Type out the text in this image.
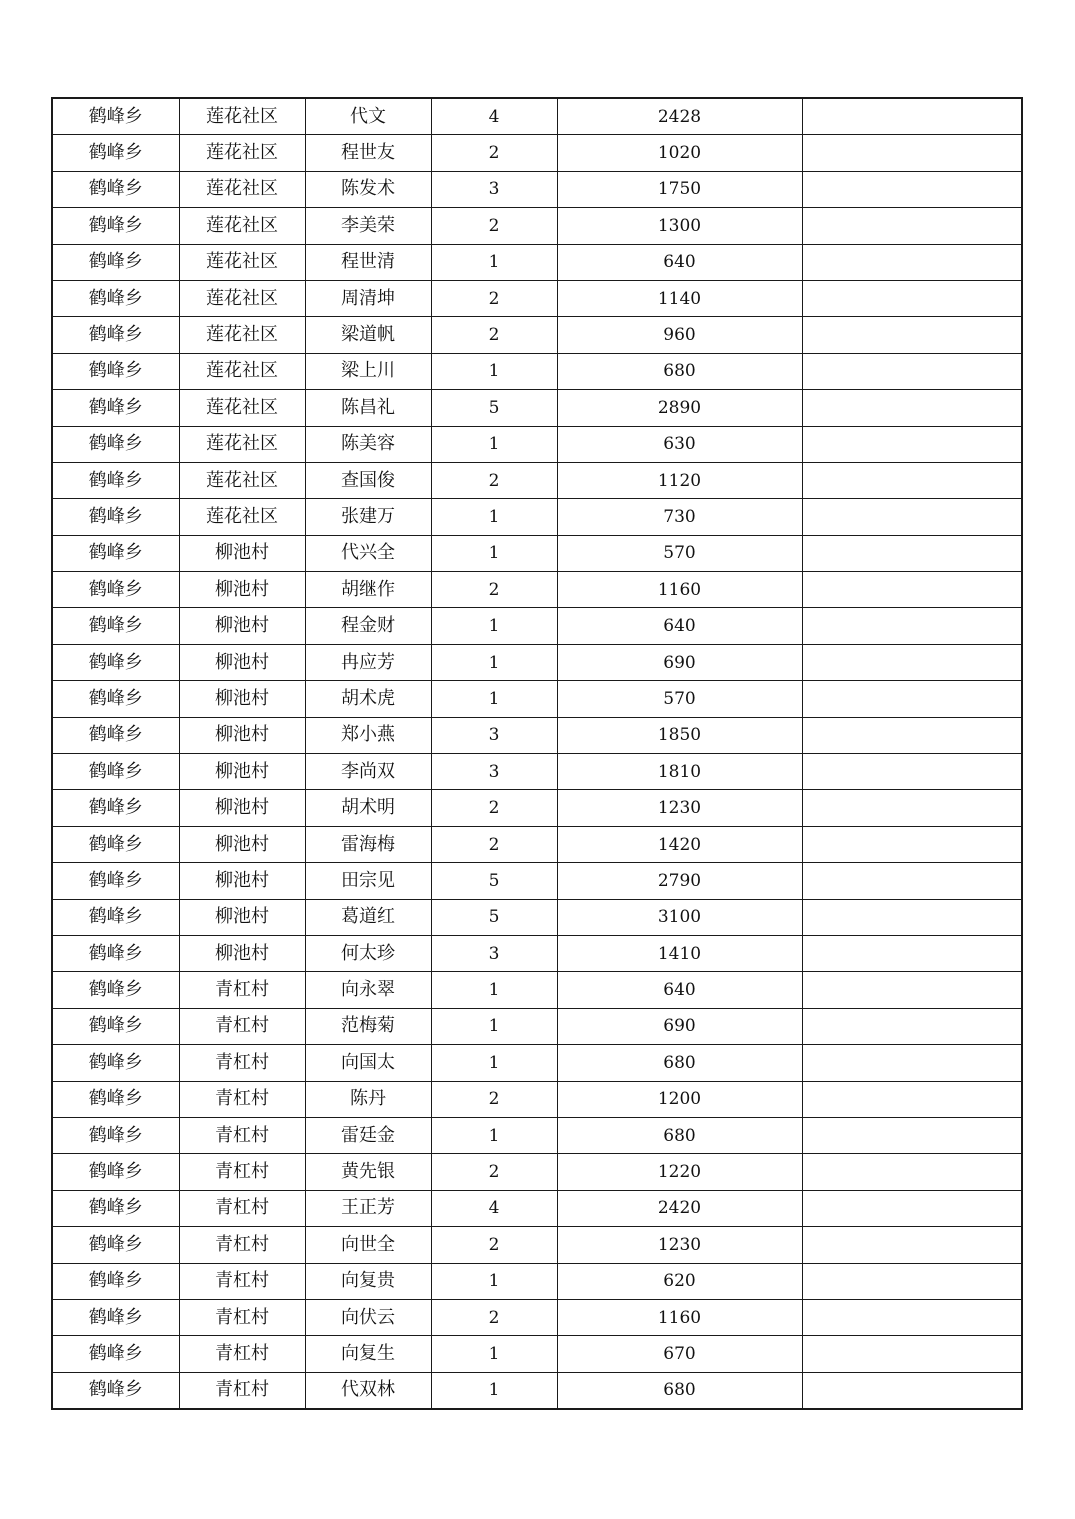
鹤峰乡	莲花社区	代文	4	2428	
鹤峰乡	莲花社区	程世友	2	1020	
鹤峰乡	莲花社区	陈发术	3	1750	
鹤峰乡	莲花社区	李美荣	2	1300	
鹤峰乡	莲花社区	程世清	1	640	
鹤峰乡	莲花社区	周清坤	2	1140	
鹤峰乡	莲花社区	梁道帆	2	960	
鹤峰乡	莲花社区	梁上川	1	680	
鹤峰乡	莲花社区	陈昌礼	5	2890	
鹤峰乡	莲花社区	陈美容	1	630	
鹤峰乡	莲花社区	查国俊	2	1120	
鹤峰乡	莲花社区	张建万	1	730	
鹤峰乡	柳池村	代兴全	1	570	
鹤峰乡	柳池村	胡继作	2	1160	
鹤峰乡	柳池村	程金财	1	640	
鹤峰乡	柳池村	冉应芳	1	690	
鹤峰乡	柳池村	胡术虎	1	570	
鹤峰乡	柳池村	郑小燕	3	1850	
鹤峰乡	柳池村	李尚双	3	1810	
鹤峰乡	柳池村	胡术明	2	1230	
鹤峰乡	柳池村	雷海梅	2	1420	
鹤峰乡	柳池村	田宗见	5	2790	
鹤峰乡	柳池村	葛道红	5	3100	
鹤峰乡	柳池村	何太珍	3	1410	
鹤峰乡	青杠村	向永翠	1	640	
鹤峰乡	青杠村	范梅菊	1	690	
鹤峰乡	青杠村	向国太	1	680	
鹤峰乡	青杠村	陈丹	2	1200	
鹤峰乡	青杠村	雷廷金	1	680	
鹤峰乡	青杠村	黄先银	2	1220	
鹤峰乡	青杠村	王正芳	4	2420	
鹤峰乡	青杠村	向世全	2	1230	
鹤峰乡	青杠村	向复贵	1	620	
鹤峰乡	青杠村	向伏云	2	1160	
鹤峰乡	青杠村	向复生	1	670	
鹤峰乡	青杠村	代双林	1	680	
